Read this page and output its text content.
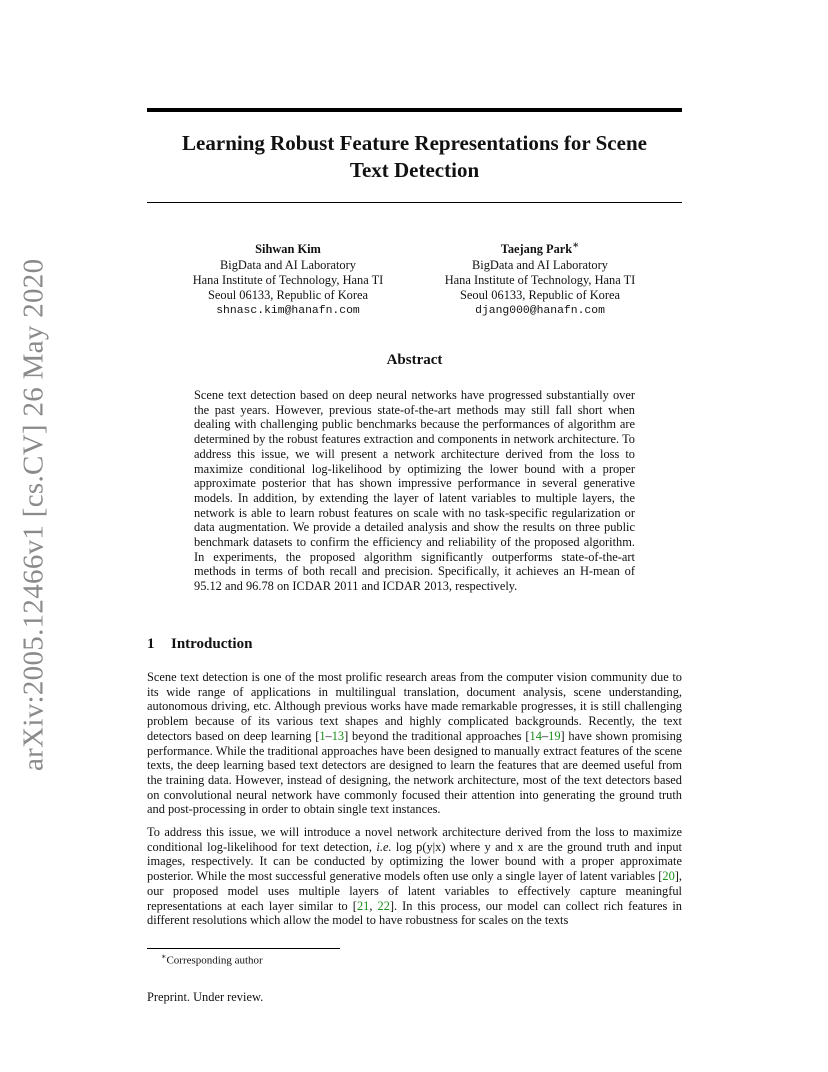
arXiv:2005.12466v1 [cs.CV] 26 May 2020
Learning Robust Feature Representations for Scene
Text Detection
Sihwan Kim
BigData and AI Laboratory
Hana Institute of Technology, Hana TI
Seoul 06133, Republic of Korea
shnasc.kim@hanafn.com
Taejang Park∗
BigData and AI Laboratory
Hana Institute of Technology, Hana TI
Seoul 06133, Republic of Korea
djang000@hanafn.com
Abstract
Scene text detection based on deep neural networks have progressed substantially over the past years. However, previous state-of-the-art methods may still fall short when dealing with challenging public benchmarks because the performances of algorithm are determined by the robust features extraction and components in network architecture. To address this issue, we will present a network architecture derived from the loss to maximize conditional log-likelihood by optimizing the lower bound with a proper approximate posterior that has shown impressive performance in several generative models. In addition, by extending the layer of latent variables to multiple layers, the network is able to learn robust features on scale with no task-specific regularization or data augmentation. We provide a detailed analysis and show the results on three public benchmark datasets to confirm the efficiency and reliability of the proposed algorithm. In experiments, the proposed algorithm significantly outperforms state-of-the-art methods in terms of both recall and precision. Specifically, it achieves an H-mean of 95.12 and 96.78 on ICDAR 2011 and ICDAR 2013, respectively.
1 Introduction
Scene text detection is one of the most prolific research areas from the computer vision community due to its wide range of applications in multilingual translation, document analysis, scene understanding, autonomous driving, etc. Although previous works have made remarkable progresses, it is still challenging problem because of its various text shapes and highly complicated backgrounds. Recently, the text detectors based on deep learning [1–13] beyond the traditional approaches [14–19] have shown promising performance. While the traditional approaches have been designed to manually extract features of the scene texts, the deep learning based text detectors are designed to learn the features that are deemed useful from the training data. However, instead of designing, the network architecture, most of the text detectors based on convolutional neural network have commonly focused their attention into generating the ground truth and post-processing in order to obtain single text instances.
To address this issue, we will introduce a novel network architecture derived from the loss to maximize conditional log-likelihood for text detection, i.e. log p(y|x) where y and x are the ground truth and input images, respectively. It can be conducted by optimizing the lower bound with a proper approximate posterior. While the most successful generative models often use only a single layer of latent variables [20], our proposed model uses multiple layers of latent variables to effectively capture meaningful representations at each layer similar to [21, 22]. In this process, our model can collect rich features in different resolutions which allow the model to have robustness for scales on the texts
∗Corresponding author
Preprint. Under review.
